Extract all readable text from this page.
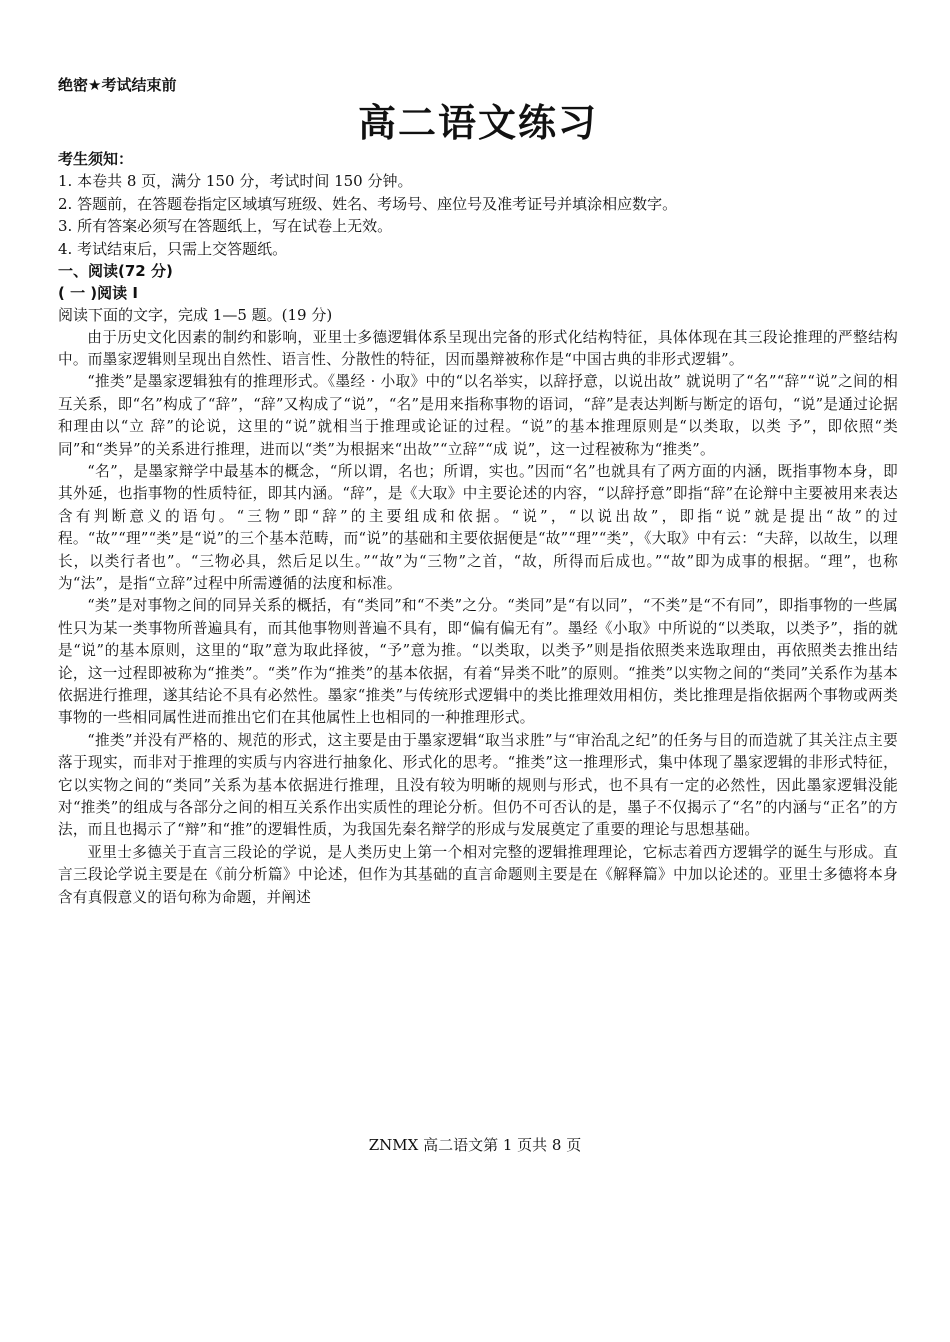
绝密★考试结束前

高二语文练习

考生须知：

1. 本卷共 8 页，满分 150 分，考试时间 150 分钟。

2. 答题前，在答题卷指定区域填写班级、姓名、考场号、座位号及准考证号并填涂相应数字。

3. 所有答案必须写在答题纸上，写在试卷上无效。

4. 考试结束后，只需上交答题纸。

一、阅读(72 分)

( 一 )阅读 I

阅读下面的文字，完成 1—5 题。(19 分)

由于历史文化因素的制约和影响，亚里士多德逻辑体系呈现出完备的形式化结构特征，具体体现在其三段论推理的严整结构中。而墨家逻辑则呈现出自然性、语言性、分散性的特征，因而墨辩被称作是“中国古典的非形式逻辑”。

“推类”是墨家逻辑独有的推理形式。《墨经 · 小取》中的“以名举实，以辞抒意，以说出故” 就说明了“名”“辞”“说”之间的相互关系，即“名”构成了“辞”，“辞”又构成了“说”，“名”是用来指称事物的语词，“辞”是表达判断与断定的语句，“说”是通过论据和理由以“立 辞”的论说，这里的“说”就相当于推理或论证的过程。“说”的基本推理原则是“以类取，以类 予”，即依照“类同”和“类异”的关系进行推理，进而以“类”为根据来“出故”“立辞”“成 说”，这一过程被称为“推类”。

“名”，是墨家辩学中最基本的概念，“所以谓，名也；所谓，实也。”因而“名”也就具有了两方面的内涵，既指事物本身，即其外延，也指事物的性质特征，即其内涵。“辞”，是《大取》中主要论述的内容，“以辞抒意”即指“辞”在论辩中主要被用来表达含有判断意义的语句。“三物”即“辞”的主要组成和依据。“说”，“以说出故”，即指“说”就是提出“故”的过程。“故”“理”“类”是“说”的三个基本范畴，而“说”的基础和主要依据便是“故”“理”“类”，《大取》中有云：“夫辞，以故生，以理长，以类行者也”。“三物必具，然后足以生。”“故”为“三物”之首，“故，所得而后成也。”“故”即为成事的根据。“理”，也称为“法”，是指“立辞”过程中所需遵循的法度和标准。

“类”是对事物之间的同异关系的概括，有“类同”和“不类”之分。“类同”是“有以同”，“不类”是“不有同”，即指事物的一些属性只为某一类事物所普遍具有，而其他事物则普遍不具有，即“偏有偏无有”。墨经《小取》中所说的“以类取，以类予”，指的就是“说”的基本原则，这里的“取”意为取此择彼，“予”意为推。“以类取，以类予”则是指依照类来选取理由，再依照类去推出结论，这一过程即被称为“推类”。“类”作为“推类”的基本依据，有着“异类不吡”的原则。“推类”以实物之间的“类同”关系作为基本依据进行推理，遂其结论不具有必然性。墨家“推类”与传统形式逻辑中的类比推理效用相仿，类比推理是指依据两个事物或两类事物的一些相同属性进而推出它们在其他属性上也相同的一种推理形式。

“推类”并没有严格的、规范的形式，这主要是由于墨家逻辑“取当求胜”与“审治乱之纪”的任务与目的而造就了其关注点主要落于现实，而非对于推理的实质与内容进行抽象化、形式化的思考。“推类”这一推理形式，集中体现了墨家逻辑的非形式特征，它以实物之间的“类同”关系为基本依据进行推理，且没有较为明晰的规则与形式，也不具有一定的必然性，因此墨家逻辑没能对“推类”的组成与各部分之间的相互关系作出实质性的理论分析。但仍不可否认的是，墨子不仅揭示了“名”的内涵与“正名”的方法，而且也揭示了“辩”和“推”的逻辑性质，为我国先秦名辩学的形成与发展奠定了重要的理论与思想基础。

亚里士多德关于直言三段论的学说，是人类历史上第一个相对完整的逻辑推理理论，它标志着西方逻辑学的诞生与形成。直言三段论学说主要是在《前分析篇》中论述，但作为其基础的直言命题则主要是在《解释篇》中加以论述的。亚里士多德将本身含有真假意义的语句称为命题，并阐述

ZNMX 高二语文第 1 页共 8 页
